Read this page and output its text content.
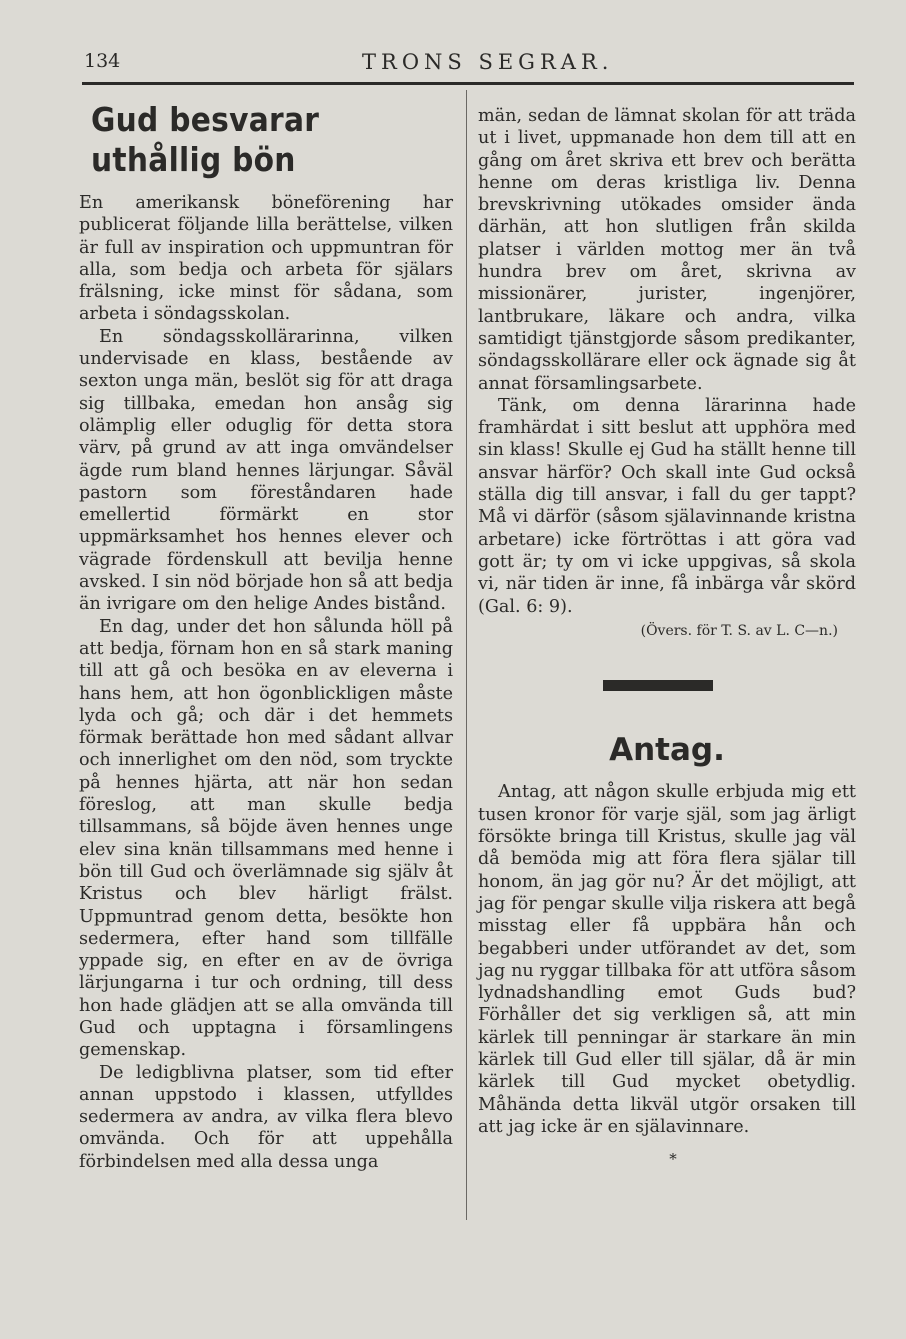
134	TRONS SEGRAR.
Gud besvarar uthållig bön

En amerikansk böneförening har publicerat följande lilla berättelse, vilken är full av inspiration och uppmuntran för alla, som bedja och arbeta för själars frälsning, icke minst för sådana, som arbeta i söndagsskolan.

En söndagsskollärarinna, vilken undervisade en klass, bestående av sexton unga män, beslöt sig för att draga sig tillbaka, emedan hon ansåg sig olämplig eller oduglig för detta stora värv, på grund av att inga omvändelser ägde rum bland hennes lärjungar. Såväl pastorn som föreståndaren hade emellertid förmärkt en stor uppmärksamhet hos hennes elever och vägrade fördenskull att bevilja henne avsked. I sin nöd började hon så att bedja än ivrigare om den helige Andes bistånd.

En dag, under det hon sålunda höll på att bedja, förnam hon en så stark maning till att gå och besöka en av eleverna i hans hem, att hon ögonblickligen måste lyda och gå; och där i det hemmets förmak berättade hon med sådant allvar och innerlighet om den nöd, som tryckte på hennes hjärta, att när hon sedan föreslog, att man skulle bedja tillsammans, så böjde även hennes unge elev sina knän tillsammans med henne i bön till Gud och överlämnade sig själv åt Kristus och blev härligt frälst. Uppmuntrad genom detta, besökte hon sedermera, efter hand som tillfälle yppade sig, en efter en av de övriga lärjungarna i tur och ordning, till dess hon hade glädjen att se alla omvända till Gud och upptagna i församlingens gemenskap.

De ledigblivna platser, som tid efter annan uppstodo i klassen, utfylldes sedermera av andra, av vilka flera blevo omvända. Och för att uppehålla förbindelsen med alla dessa unga

män, sedan de lämnat skolan för att träda ut i livet, uppmanade hon dem till att en gång om året skriva ett brev och berätta henne om deras kristliga liv. Denna brevskrivning utökades omsider ända därhän, att hon slutligen från skilda platser i världen mottog mer än två hundra brev om året, skrivna av missionärer, jurister, ingenjörer, lantbrukare, läkare och andra, vilka samtidigt tjänstgjorde såsom predikanter, söndagsskollärare eller ock ägnade sig åt annat församlingsarbete.

Tänk, om denna lärarinna hade framhärdat i sitt beslut att upphöra med sin klass! Skulle ej Gud ha ställt henne till ansvar härför? Och skall inte Gud också ställa dig till ansvar, i fall du ger tappt? Må vi därför (såsom själavinnande kristna arbetare) icke förtröttas i att göra vad gott är; ty om vi icke uppgivas, så skola vi, när tiden är inne, få inbärga vår skörd (Gal. 6: 9).

(Övers. för T. S. av L. C—n.)
Antag.

Antag, att någon skulle erbjuda mig ett tusen kronor för varje själ, som jag ärligt försökte bringa till Kristus, skulle jag väl då bemöda mig att föra flera själar till honom, än jag gör nu? Är det möjligt, att jag för pengar skulle vilja riskera att begå misstag eller få uppbära hån och begabberi under utförandet av det, som jag nu ryggar tillbaka för att utföra såsom lydnadshandling emot Guds bud? Förhåller det sig verkligen så, att min kärlek till penningar är starkare än min kärlek till Gud eller till själar, då är min kärlek till Gud mycket obetydlig. Måhända detta likväl utgör orsaken till att jag icke är en själavinnare.

*
